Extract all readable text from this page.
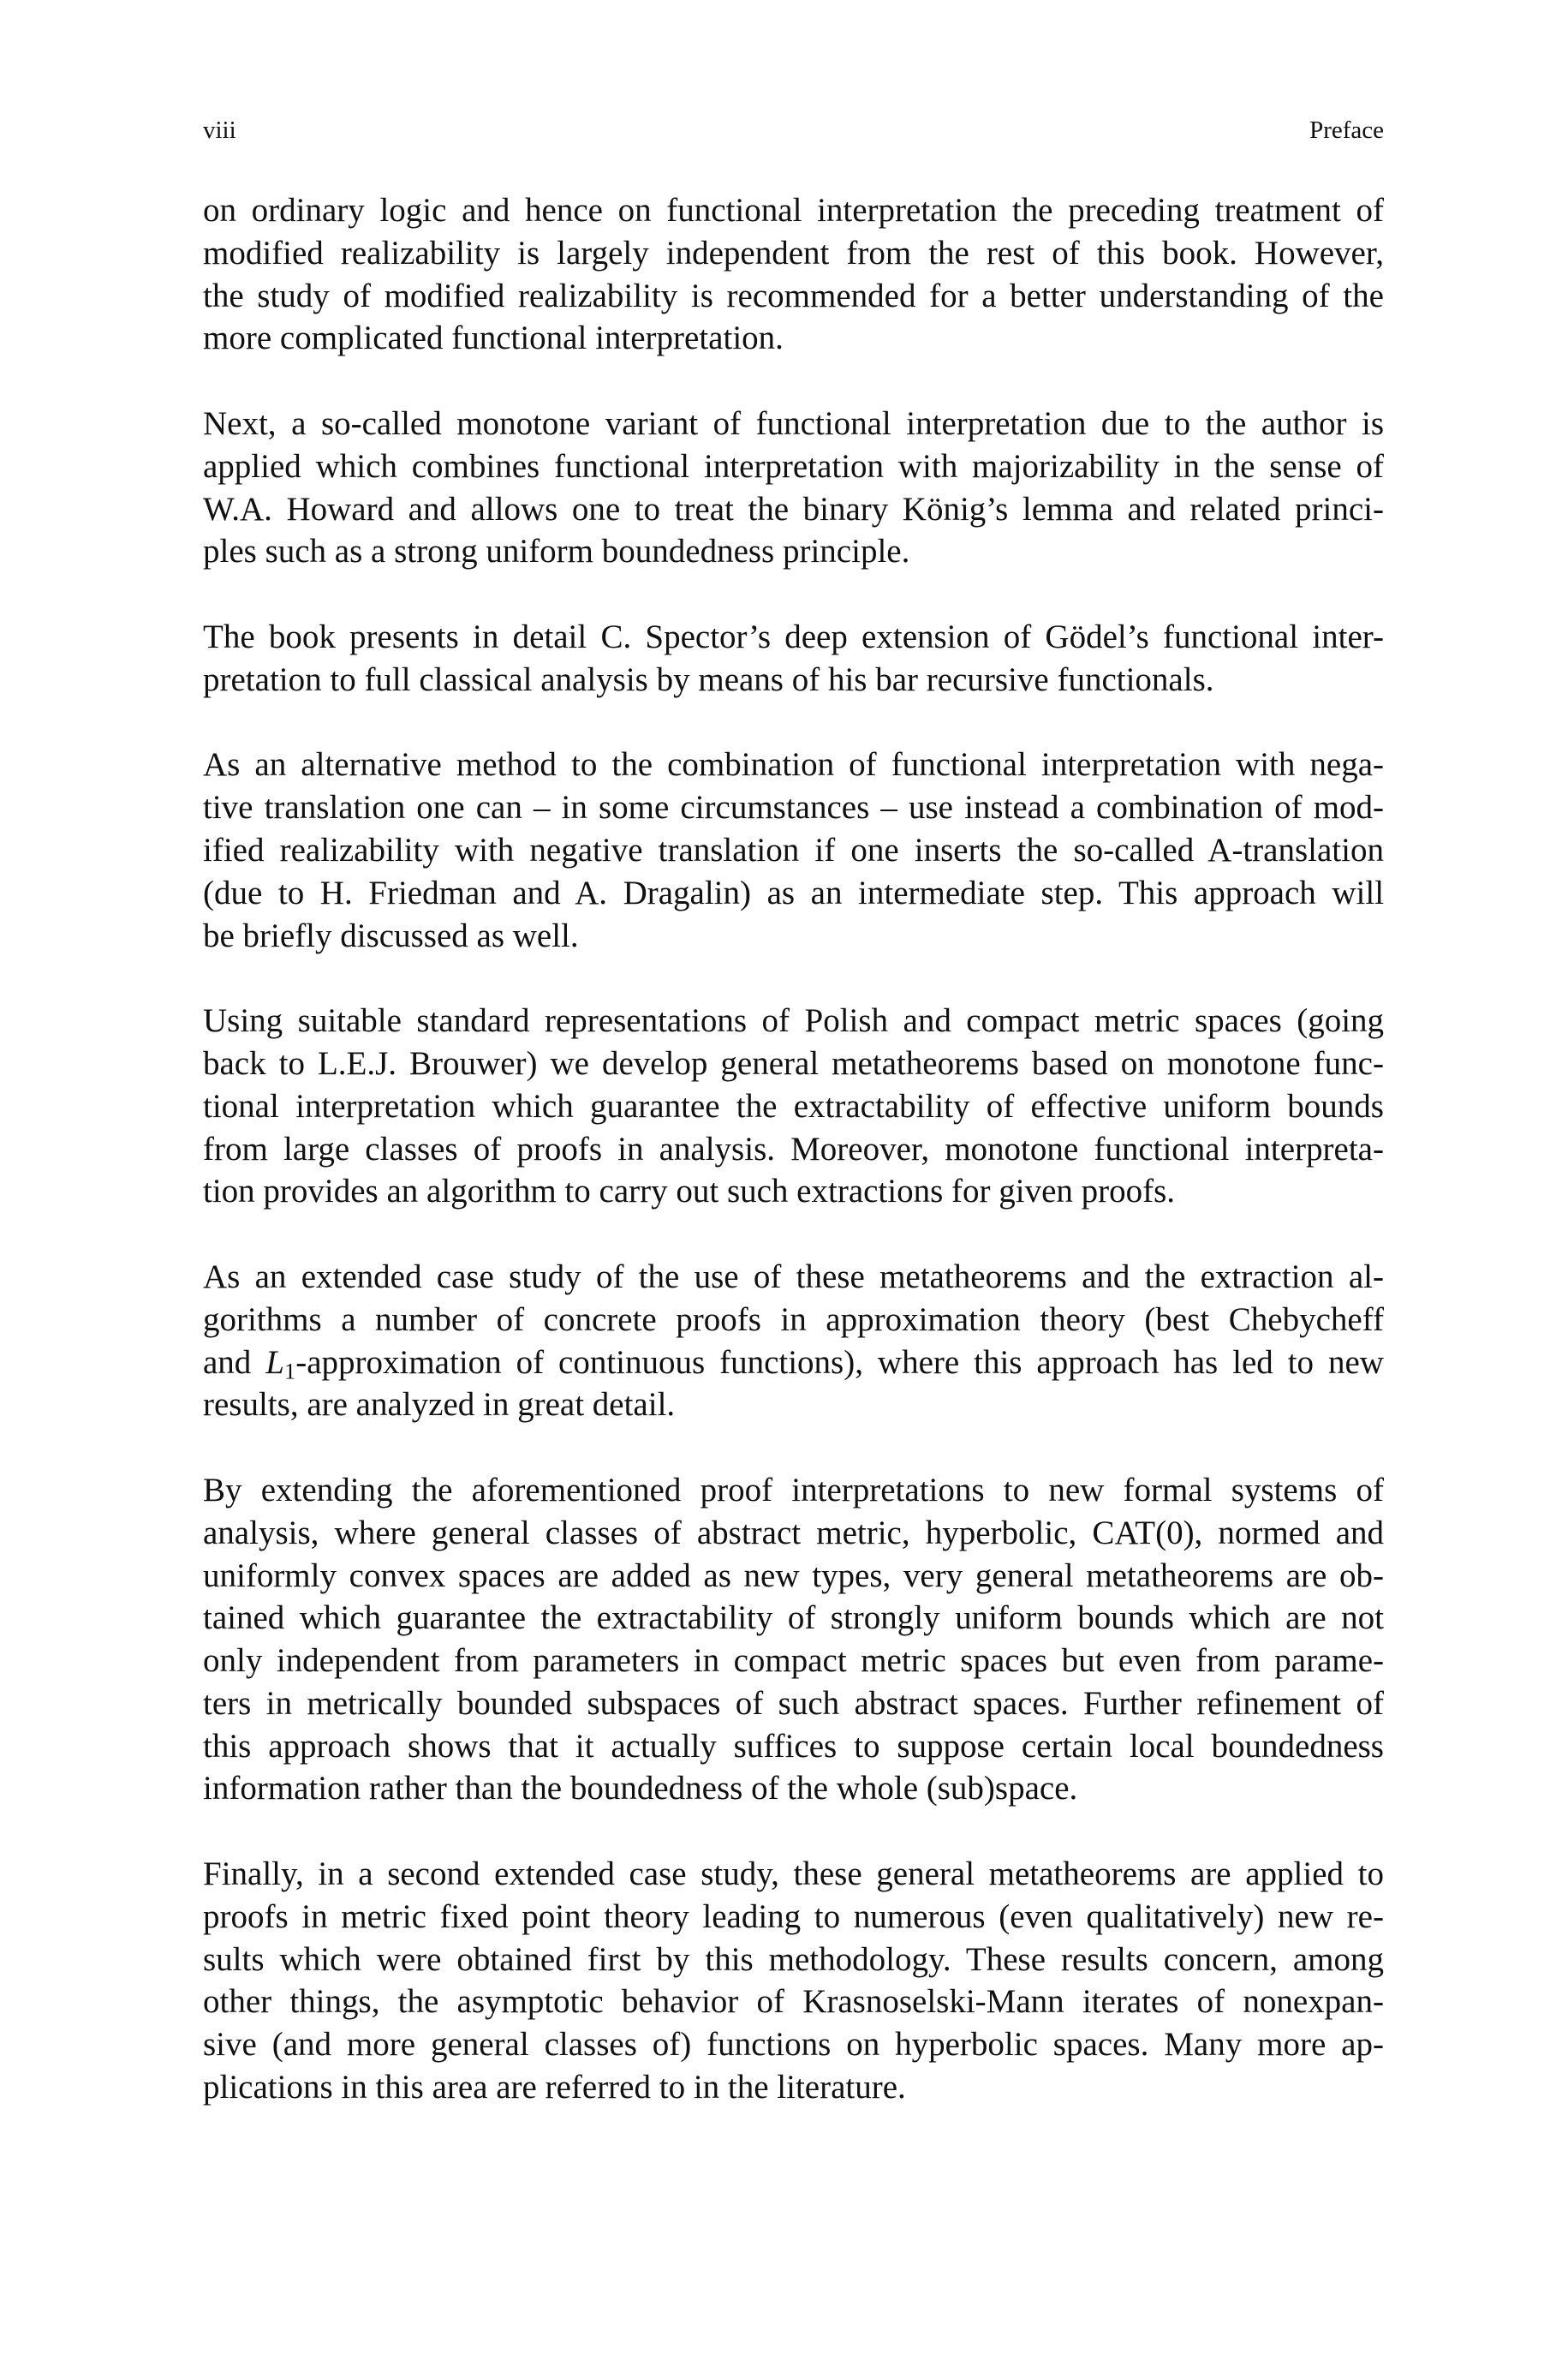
viii	Preface

on ordinary logic and hence on functional interpretation the preceding treatment of
modified realizability is largely independent from the rest of this book. However,
the study of modified realizability is recommended for a better understanding of the
more complicated functional interpretation.

Next, a so-called monotone variant of functional interpretation due to the author is
applied which combines functional interpretation with majorizability in the sense of
W.A. Howard and allows one to treat the binary König’s lemma and related princi-
ples such as a strong uniform boundedness principle.

The book presents in detail C. Spector’s deep extension of Gödel’s functional inter-
pretation to full classical analysis by means of his bar recursive functionals.

As an alternative method to the combination of functional interpretation with nega-
tive translation one can – in some circumstances – use instead a combination of mod-
ified realizability with negative translation if one inserts the so-called A-translation
(due to H. Friedman and A. Dragalin) as an intermediate step. This approach will
be briefly discussed as well.

Using suitable standard representations of Polish and compact metric spaces (going
back to L.E.J. Brouwer) we develop general metatheorems based on monotone func-
tional interpretation which guarantee the extractability of effective uniform bounds
from large classes of proofs in analysis. Moreover, monotone functional interpreta-
tion provides an algorithm to carry out such extractions for given proofs.

As an extended case study of the use of these metatheorems and the extraction al-
gorithms a number of concrete proofs in approximation theory (best Chebycheff
and L1-approximation of continuous functions), where this approach has led to new
results, are analyzed in great detail.

By extending the aforementioned proof interpretations to new formal systems of
analysis, where general classes of abstract metric, hyperbolic, CAT(0), normed and
uniformly convex spaces are added as new types, very general metatheorems are ob-
tained which guarantee the extractability of strongly uniform bounds which are not
only independent from parameters in compact metric spaces but even from parame-
ters in metrically bounded subspaces of such abstract spaces. Further refinement of
this approach shows that it actually suffices to suppose certain local boundedness
information rather than the boundedness of the whole (sub)space.

Finally, in a second extended case study, these general metatheorems are applied to
proofs in metric fixed point theory leading to numerous (even qualitatively) new re-
sults which were obtained first by this methodology. These results concern, among
other things, the asymptotic behavior of Krasnoselski-Mann iterates of nonexpan-
sive (and more general classes of) functions on hyperbolic spaces. Many more ap-
plications in this area are referred to in the literature.
